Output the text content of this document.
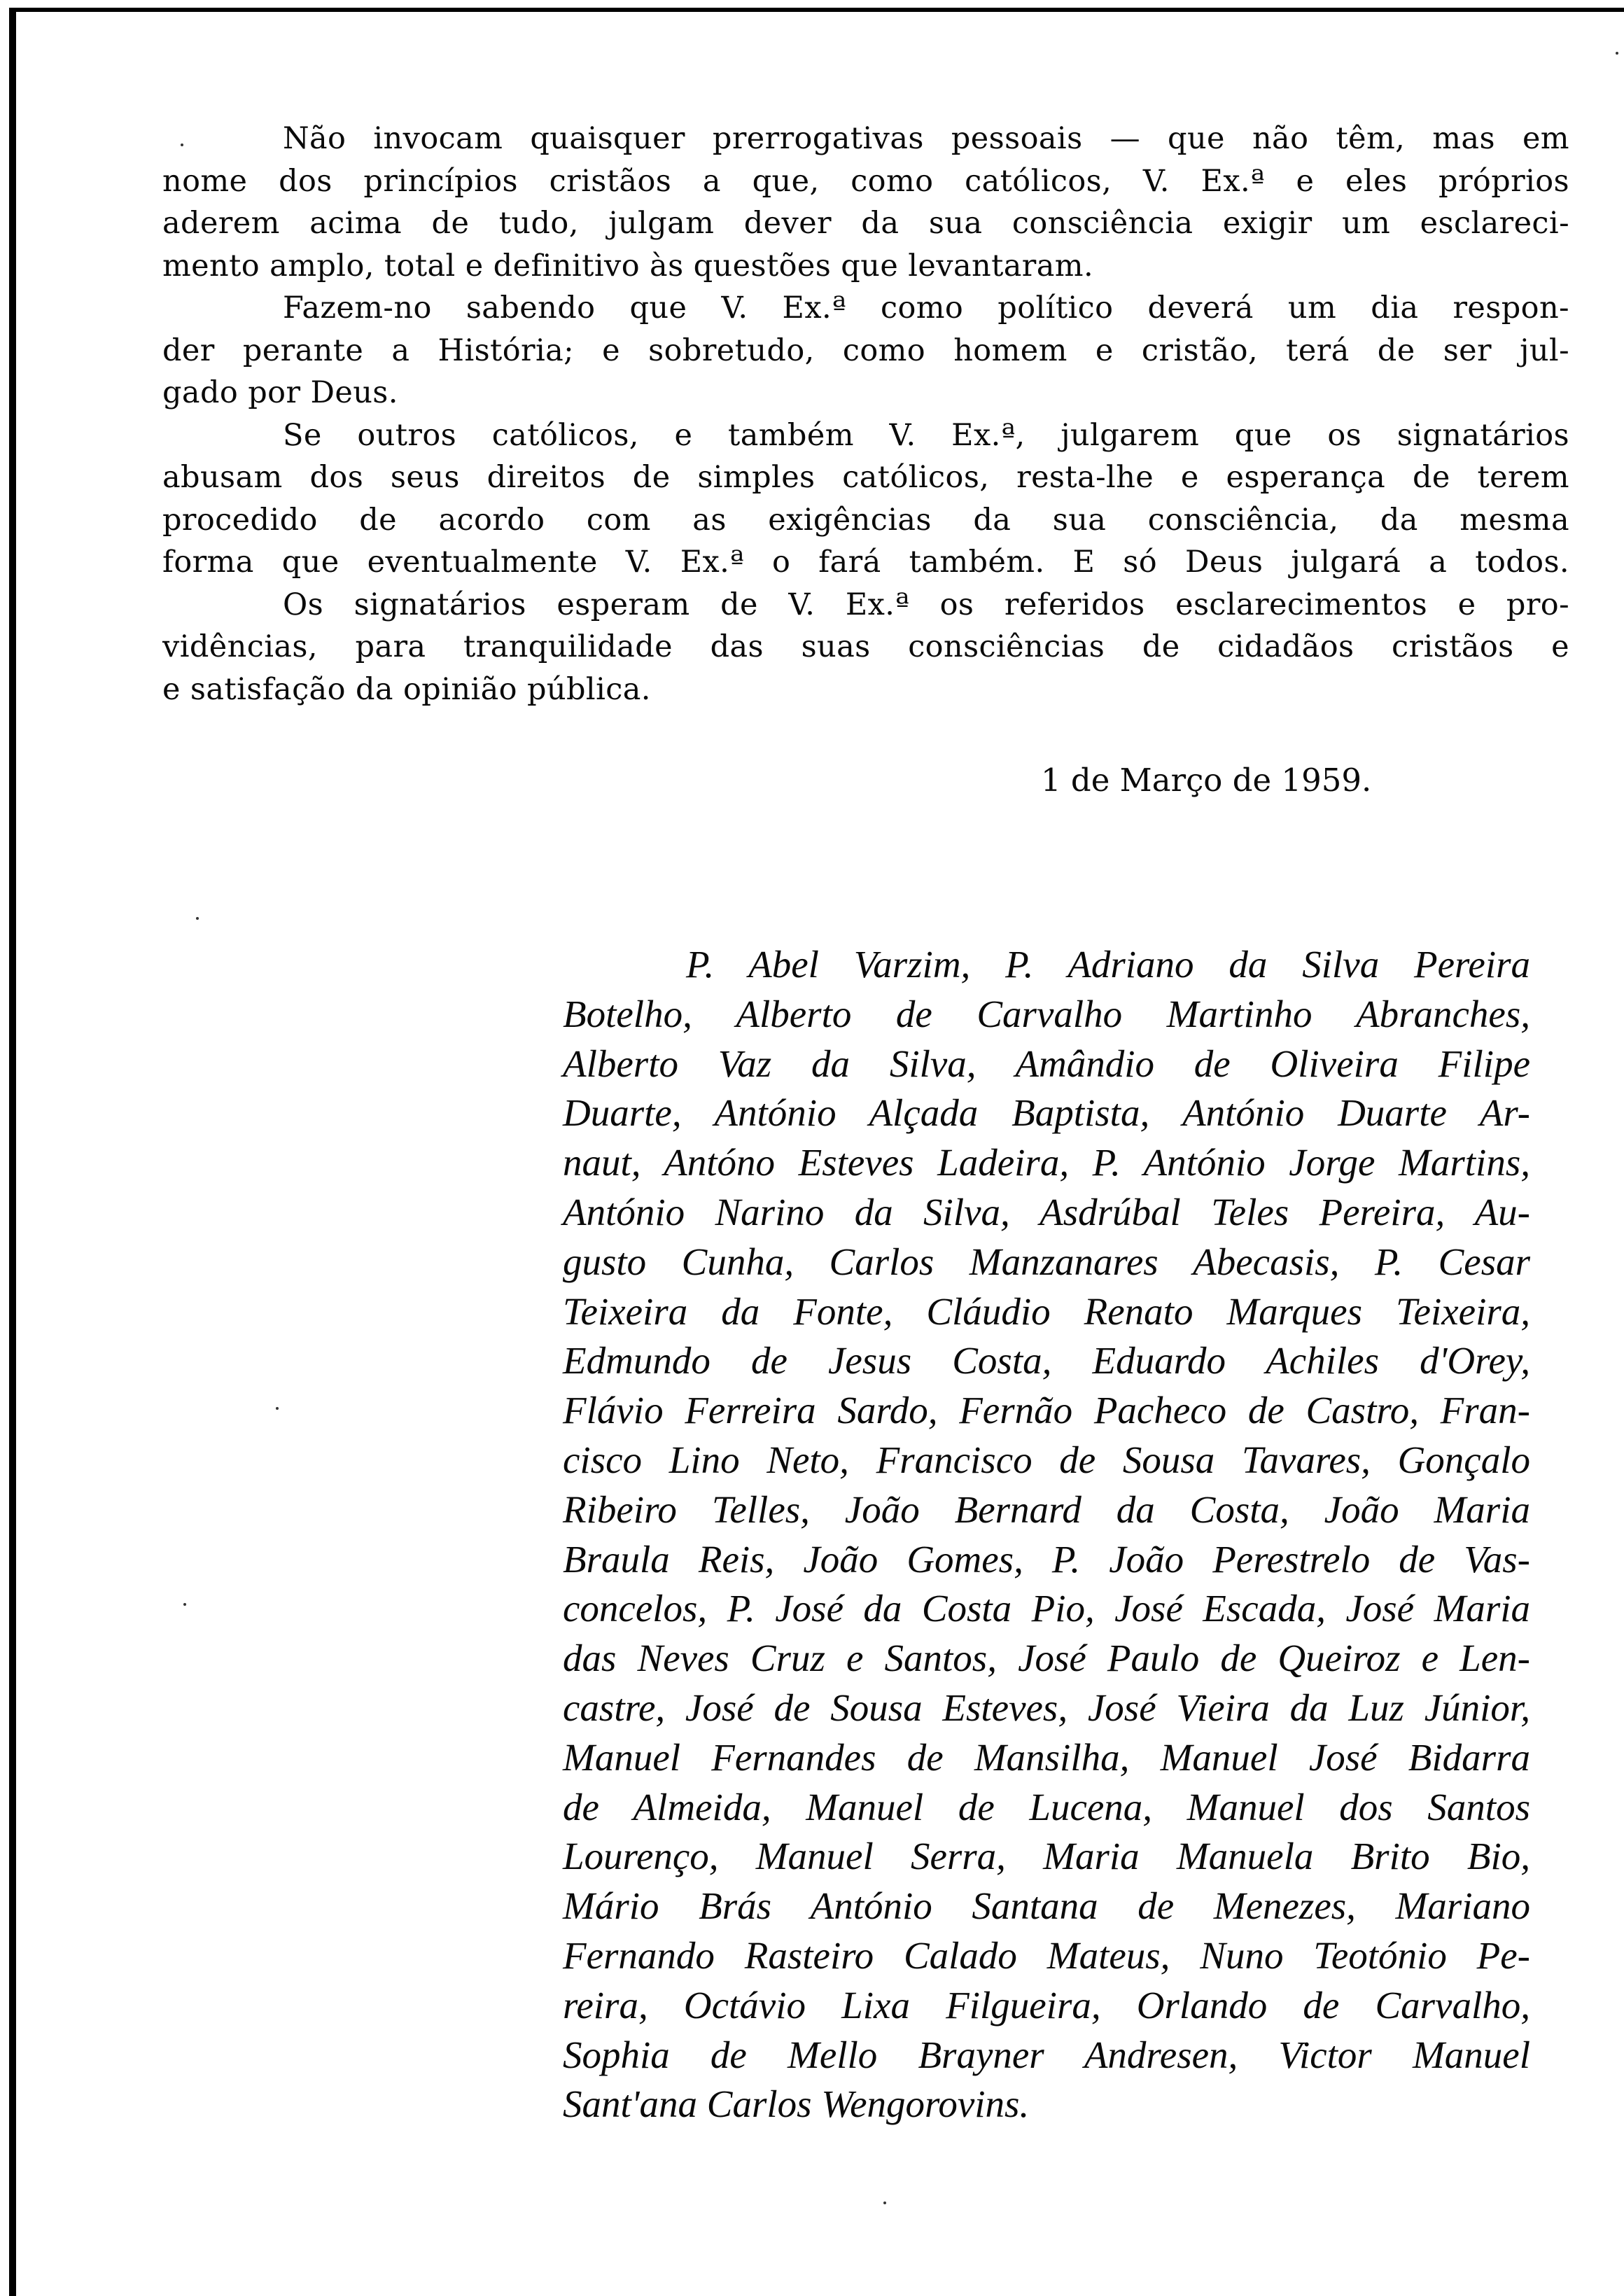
Não invocam quaisquer prerrogativas pessoais — que não têm, mas em
nome dos princípios cristãos a que, como católicos, V. Ex.ª e eles próprios
aderem acima de tudo, julgam dever da sua consciência exigir um esclareci-
mento amplo, total e definitivo às questões que levantaram.
Fazem-no sabendo que V. Ex.ª como político deverá um dia respon-
der perante a História; e sobretudo, como homem e cristão, terá de ser jul-
gado por Deus.
Se outros católicos, e também V. Ex.ª, julgarem que os signatários
abusam dos seus direitos de simples católicos, resta-lhe e esperança de terem
procedido de acordo com as exigências da sua consciência, da mesma
forma que eventualmente V. Ex.ª o fará também. E só Deus julgará a todos.
Os signatários esperam de V. Ex.ª os referidos esclarecimentos e pro-
vidências, para tranquilidade das suas consciências de cidadãos cristãos e
e satisfação da opinião pública.
1 de Março de 1959.
P. Abel Varzim, P. Adriano da Silva Pereira
Botelho, Alberto de Carvalho Martinho Abranches,
Alberto Vaz da Silva, Amândio de Oliveira Filipe
Duarte, António Alçada Baptista, António Duarte Ar-
naut, Antóno Esteves Ladeira, P. António Jorge Martins,
António Narino da Silva, Asdrúbal Teles Pereira, Au-
gusto Cunha, Carlos Manzanares Abecasis, P. Cesar
Teixeira da Fonte, Cláudio Renato Marques Teixeira,
Edmundo de Jesus Costa, Eduardo Achiles d'Orey,
Flávio Ferreira Sardo, Fernão Pacheco de Castro, Fran-
cisco Lino Neto, Francisco de Sousa Tavares, Gonçalo
Ribeiro Telles, João Bernard da Costa, João Maria
Braula Reis, João Gomes, P. João Perestrelo de Vas-
concelos, P. José da Costa Pio, José Escada, José Maria
das Neves Cruz e Santos, José Paulo de Queiroz e Len-
castre, José de Sousa Esteves, José Vieira da Luz Júnior,
Manuel Fernandes de Mansilha, Manuel José Bidarra
de Almeida, Manuel de Lucena, Manuel dos Santos
Lourenço, Manuel Serra, Maria Manuela Brito Bio,
Mário Brás António Santana de Menezes, Mariano
Fernando Rasteiro Calado Mateus, Nuno Teotónio Pe-
reira, Octávio Lixa Filgueira, Orlando de Carvalho,
Sophia de Mello Brayner Andresen, Victor Manuel
Sant'ana Carlos Wengorovins.
